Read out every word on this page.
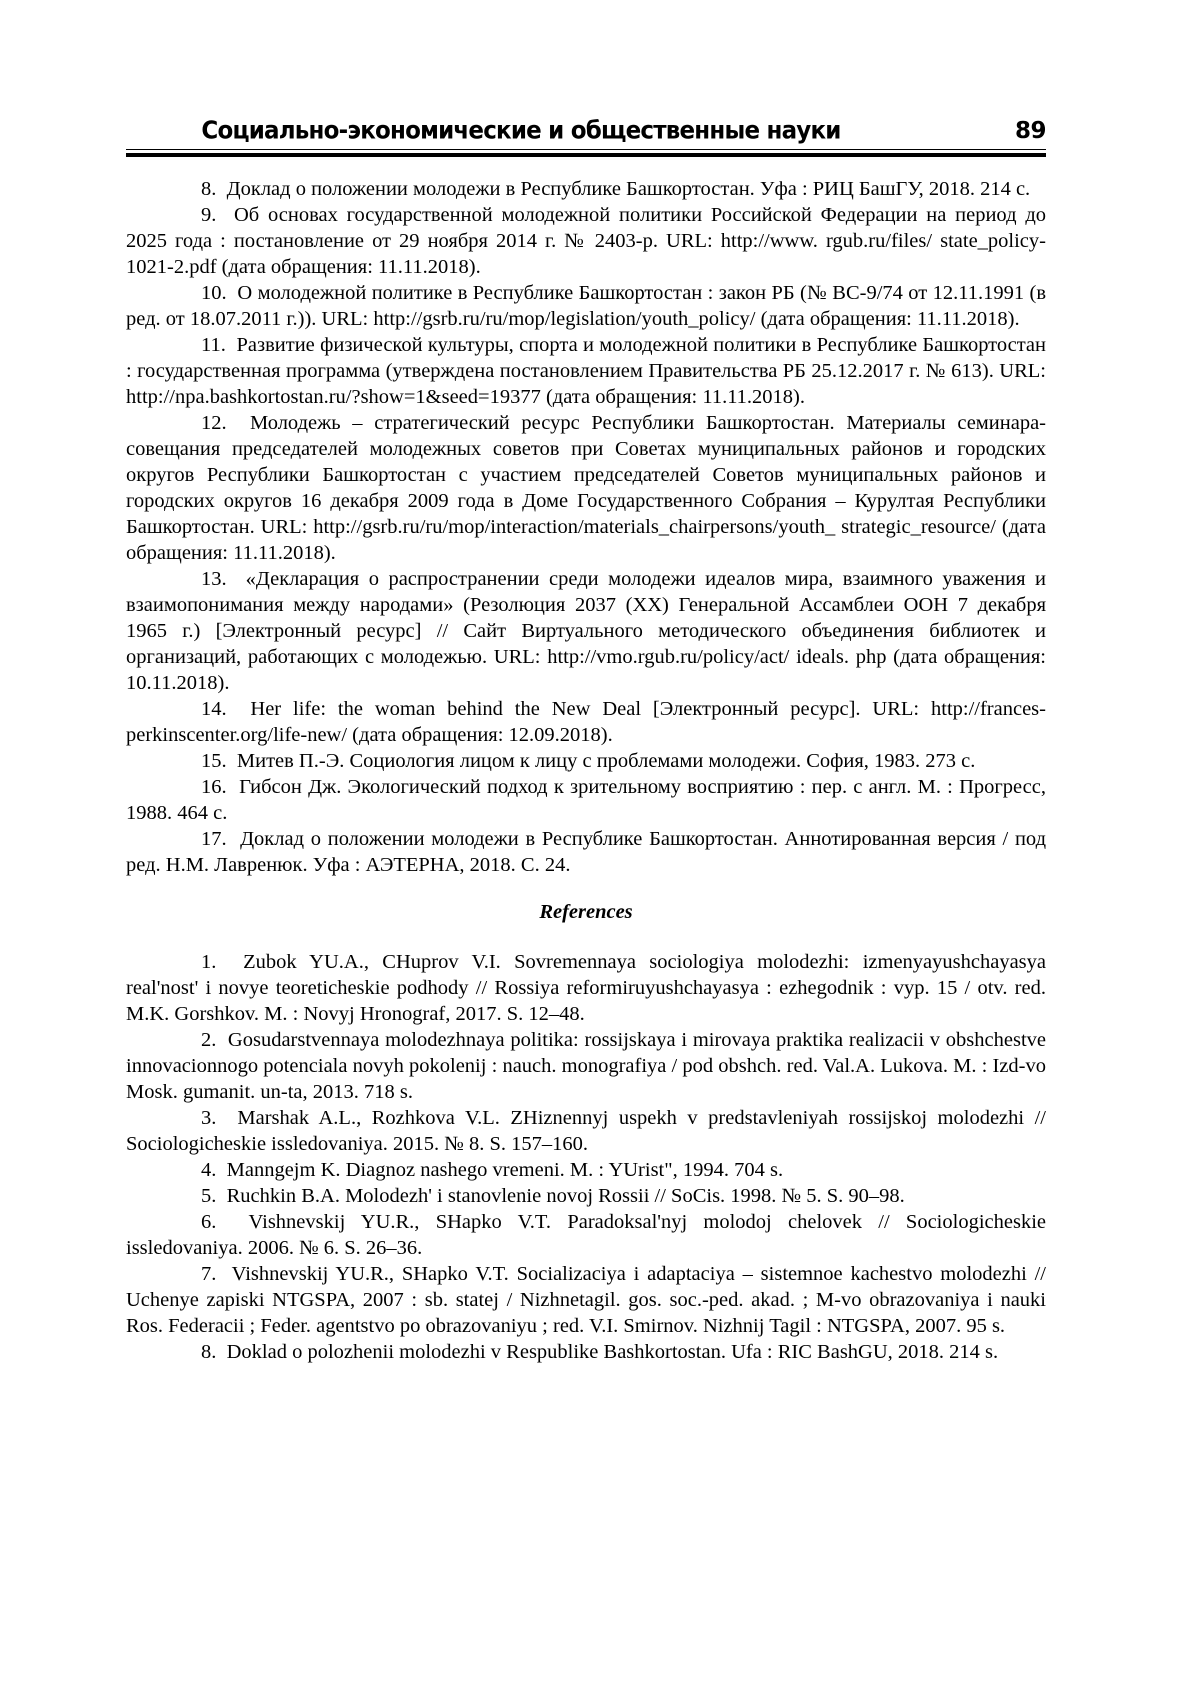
Социально-экономические и общественные науки	89

8. Доклад о положении молодежи в Республике Башкортостан. Уфа : РИЦ БашГУ, 2018. 214 с.

9. Об основах государственной молодежной политики Российской Федерации на период до 2025 года : постановление от 29 ноября 2014 г. № 2403-р. URL: http://www. rgub.ru/files/ state_policy-1021-2.pdf (дата обращения: 11.11.2018).

10. О молодежной политике в Республике Башкортостан : закон РБ (№ ВС-9/74 от 12.11.1991 (в ред. от 18.07.2011 г.)). URL: http://gsrb.ru/ru/mop/legislation/youth_policy/ (дата обращения: 11.11.2018).

11. Развитие физической культуры, спорта и молодежной политики в Республике Башкортостан : государственная программа (утверждена постановлением Правительства РБ 25.12.2017 г. № 613). URL: http://npa.bashkortostan.ru/?show=1&seed=19377 (дата обращения: 11.11.2018).

12. Молодежь – стратегический ресурс Республики Башкортостан. Материалы семинара-совещания председателей молодежных советов при Советах муниципальных районов и городских округов Республики Башкортостан с участием председателей Советов муниципальных районов и городских округов 16 декабря 2009 года в Доме Государственного Собрания – Курултая Республики Башкортостан. URL: http://gsrb.ru/ru/mop/interaction/materials_chairpersons/youth_ strategic_resource/ (дата обращения: 11.11.2018).

13. «Декларация о распространении среди молодежи идеалов мира, взаимного уважения и взаимопонимания между народами» (Резолюция 2037 (XX) Генеральной Ассамблеи ООН 7 декабря 1965 г.) [Электронный ресурс] // Сайт Виртуального методического объединения библиотек и организаций, работающих с молодежью. URL: http://vmo.rgub.ru/policy/act/ ideals. php (дата обращения: 10.11.2018).

14. Her life: the woman behind the New Deal [Электронный ресурс]. URL: http://frances-perkinscenter.org/life-new/ (дата обращения: 12.09.2018).

15. Митев П.-Э. Социология лицом к лицу с проблемами молодежи. София, 1983. 273 с.

16. Гибсон Дж. Экологический подход к зрительному восприятию : пер. с англ. М. : Прогресс, 1988. 464 с.

17. Доклад о положении молодежи в Республике Башкортостан. Аннотированная версия / под ред. Н.М. Лавренюк. Уфа : АЭТЕРНА, 2018. С. 24.

References

1. Zubok YU.A., CHuprov V.I. Sovremennaya sociologiya molodezhi: izmenyayushchayasya real'nost' i novye teoreticheskie podhody // Rossiya reformiruyushchayasya : ezhegodnik : vyp. 15 / otv. red. M.K. Gorshkov. M. : Novyj Hronograf, 2017. S. 12–48.

2. Gosudarstvennaya molodezhnaya politika: rossijskaya i mirovaya praktika realizacii v obshchestve innovacionnogo potenciala novyh pokolenij : nauch. monografiya / pod obshch. red. Val.A. Lukova. M. : Izd-vo Mosk. gumanit. un-ta, 2013. 718 s.

3. Marshak A.L., Rozhkova V.L. ZHiznennyj uspekh v predstavleniyah rossijskoj molodezhi // Sociologicheskie issledovaniya. 2015. № 8. S. 157–160.

4. Manngejm K. Diagnoz nashego vremeni. M. : YUrist", 1994. 704 s.

5. Ruchkin B.A. Molodezh' i stanovlenie novoj Rossii // SoCis. 1998. № 5. S. 90–98.

6. Vishnevskij YU.R., SHapko V.T. Paradoksal'nyj molodoj chelovek // Sociologicheskie issledovaniya. 2006. № 6. S. 26–36.

7. Vishnevskij YU.R., SHapko V.T. Socializaciya i adaptaciya – sistemnoe kachestvo molodezhi // Uchenye zapiski NTGSPA, 2007 : sb. statej / Nizhnetagil. gos. soc.-ped. akad. ; M-vo obrazovaniya i nauki Ros. Federacii ; Feder. agentstvo po obrazovaniyu ; red. V.I. Smirnov. Nizhnij Tagil : NTGSPA, 2007. 95 s.

8. Doklad o polozhenii molodezhi v Respublike Bashkortostan. Ufa : RIC BashGU, 2018. 214 s.
